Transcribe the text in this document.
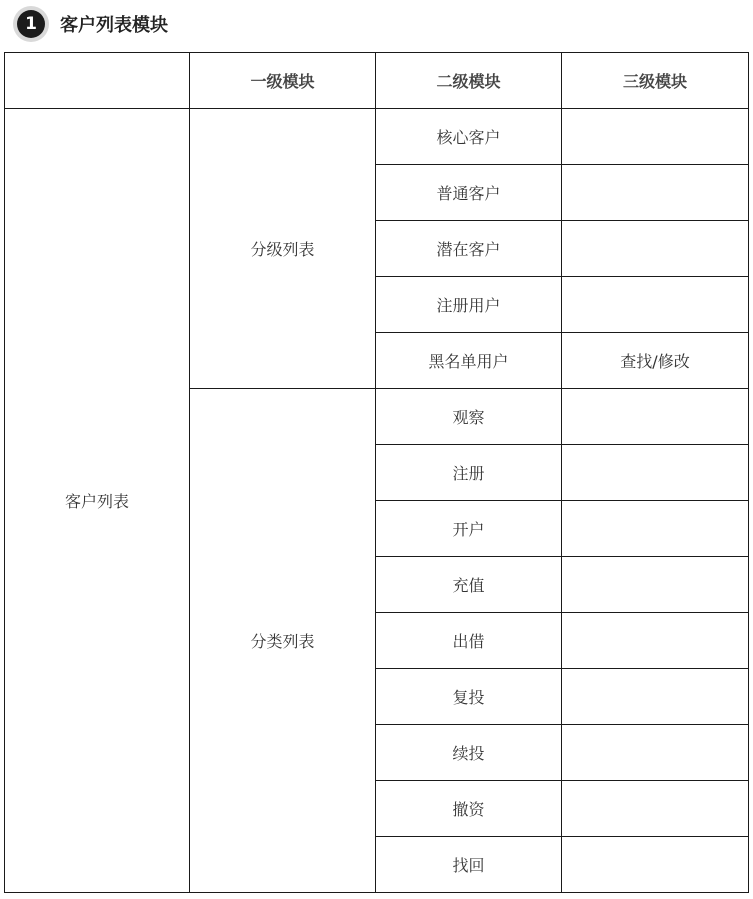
1	客户列表模块
	一级模块	二级模块	三级模块
客户列表	分级列表	核心客户	
		普通客户	
		潜在客户	
		注册用户	
		黑名单用户	查找/修改
	分类列表	观察	
		注册	
		开户	
		充值	
		出借	
		复投	
		续投	
		撤资	
		找回	
